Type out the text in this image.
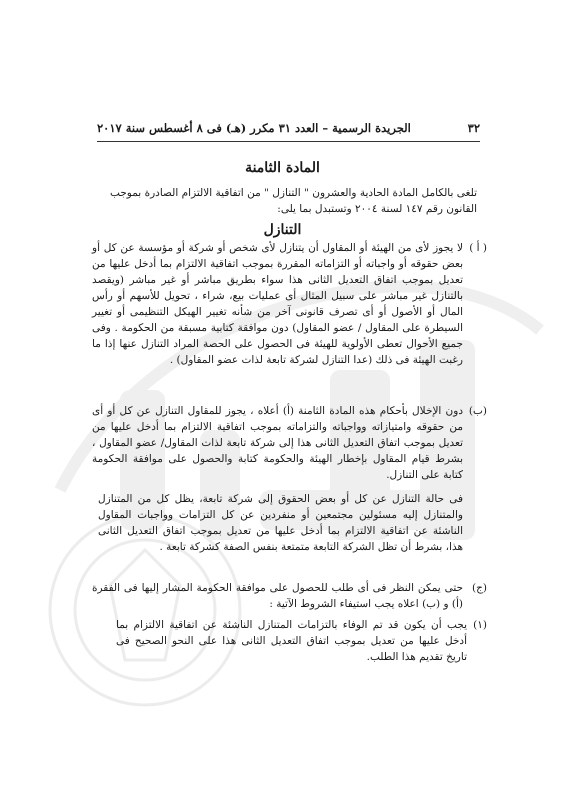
٣٢
الجريدة الرسمية – العدد ٣١ مكرر (هـ) فى ٨ أغسطس سنة ٢٠١٧
المادة الثامنة
تلغى بالكامل المادة الحادية والعشرون " التنازل " من اتفاقية الالتزام الصادرة بموجب القانون رقم ١٤٧ لسنة ٢٠٠٤ وتستبدل بما يلى:
التنازل
( أ )
لا يجوز لأى من الهيئة أو المقاول أن يتنازل لأى شخص أو شركة أو مؤسسة عن كل أو بعض حقوقه أو واجباته أو التزاماته المقررة بموجب اتفاقية الالتزام بما أدخل عليها من تعديل بموجب اتفاق التعديل الثانى هذا سواء بطريق مباشر أو غير مباشر (ويقصد بالتنازل غير مباشر على سبيل المثال أى عمليات بيع، شراء ، تحويل للأسهم أو رأس المال أو الأصول أو أى تصرف قانونى آخر من شأنه تغيير الهيكل التنظيمى أو تغيير السيطرة على المقاول / عضو المقاول) دون موافقة كتابية مسبقة من الحكومة . وفى جميع الأحوال تعطى الأولوية للهيئة فى الحصول على الحصة المراد التنازل عنها إذا ما رغبت الهيئة فى ذلك (عدا التنازل لشركة تابعة لذات عضو المقاول) .
(ب)
دون الإخلال بأحكام هذه المادة الثامنة (أ) أعلاه ، يجوز للمقاول التنازل عن كل أو أى من حقوقه وامتيازاته وواجباته والتزاماته بموجب اتفاقية الالتزام بما أدخل عليها من تعديل بموجب اتفاق التعديل الثانى هذا إلى شركة تابعة لذات المقاول/ عضو المقاول ، بشرط قيام المقاول بإخطار الهيئة والحكومة كتابة والحصول على موافقة الحكومة كتابة على التنازل.
فى حالة التنازل عن كل أو بعض الحقوق إلى شركة تابعة، يظل كل من المتنازل والمتنازل إليه مسئولين مجتمعين أو منفردين عن كل التزامات وواجبات المقاول الناشئة عن اتفاقية الالتزام بما أدخل عليها من تعديل بموجب اتفاق التعديل الثانى هذا، بشرط أن تظل الشركة التابعة متمتعة بنفس الصفة كشركة تابعة .
(ج)
حتى يمكن النظر فى أى طلب للحصول على موافقة الحكومة المشار إليها فى الفقرة (أ) و (ب) اعلاه يجب استيفاء الشروط الآتية :
(١)
يجب أن يكون قد تم الوفاء بالتزامات المتنازل الناشئة عن اتفاقية الالتزام بما أدخل عليها من تعديل بموجب اتفاق التعديل الثانى هذا على النحو الصحيح فى تاريخ تقديم هذا الطلب.
